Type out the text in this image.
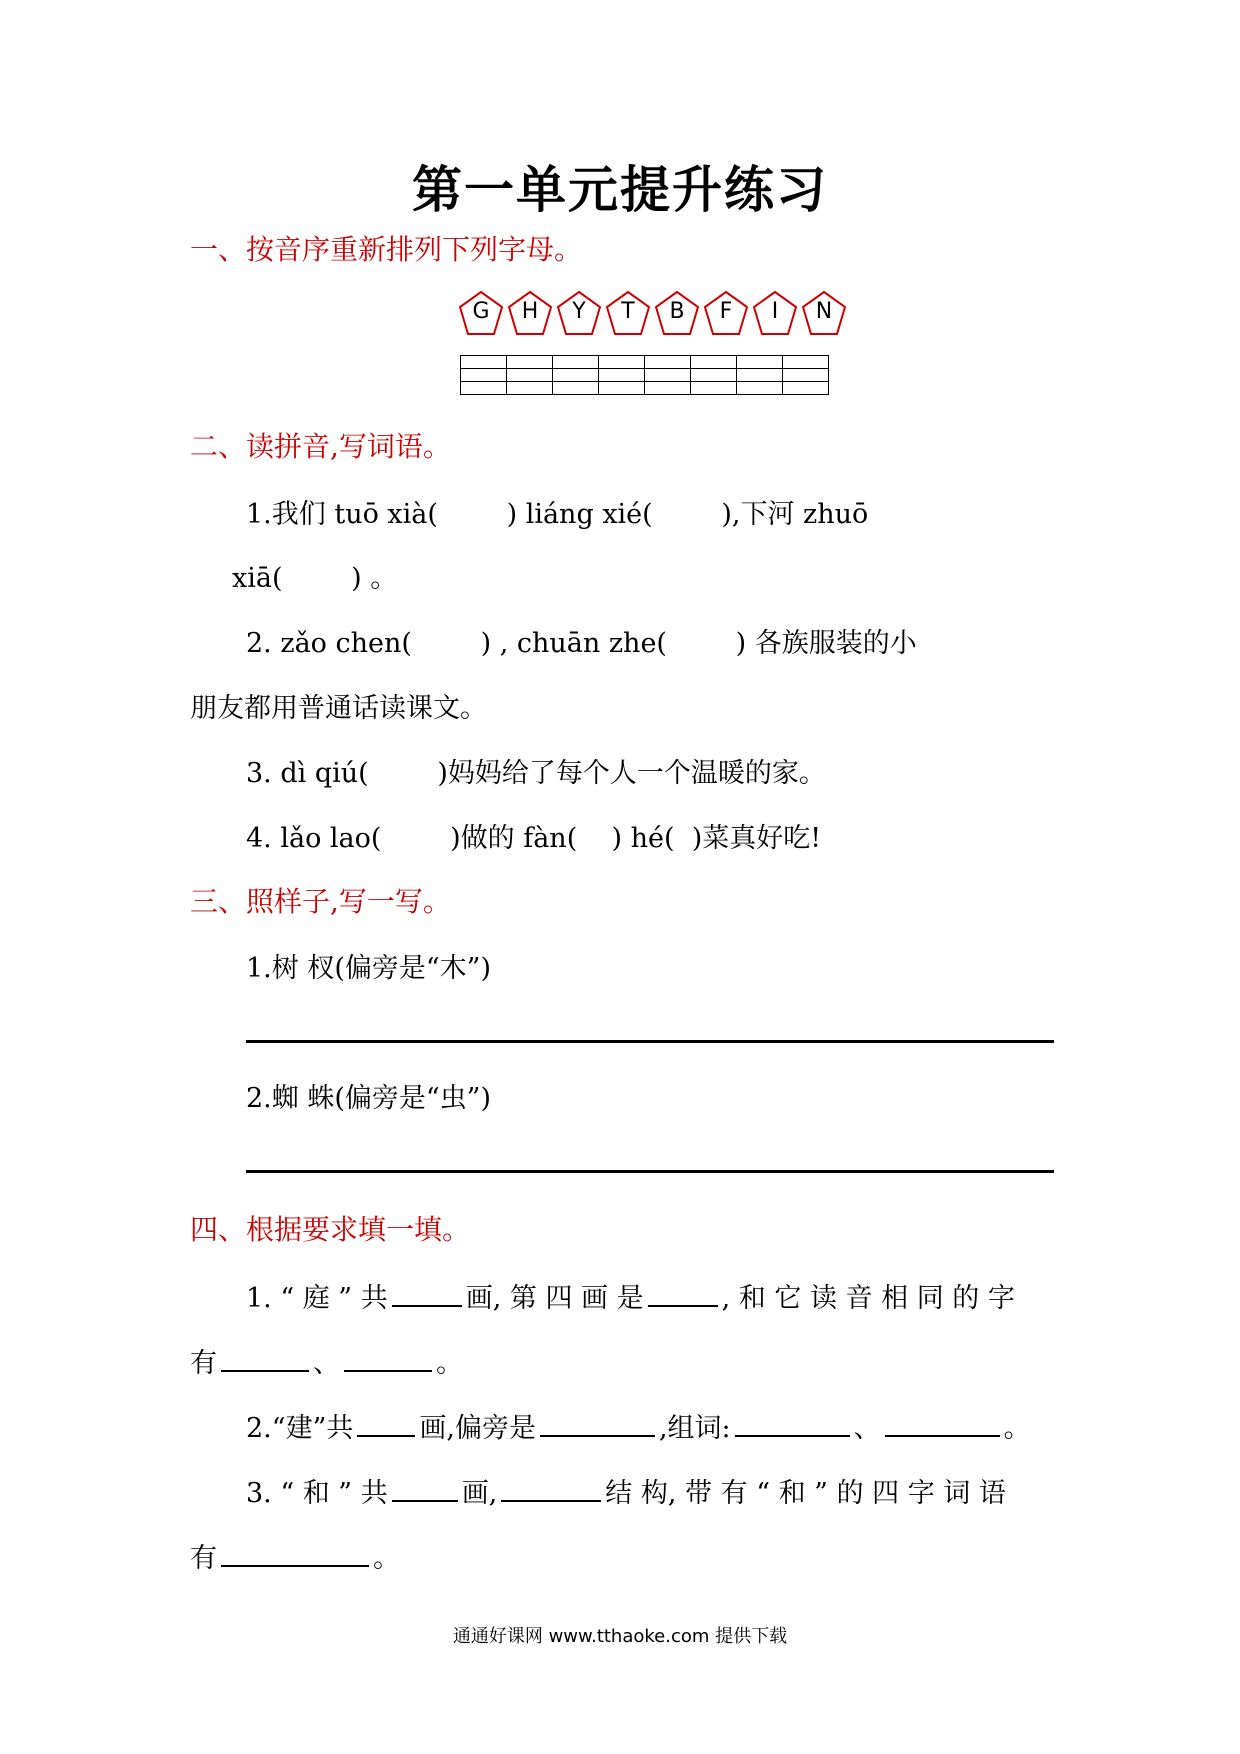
第一单元提升练习
一、按音序重新排列下列字母。
G	H	Y	T	B	F	I	N

二、读拼音,写词语。
1.我们 tuō xià(        ) liáng xié(        ),下河 zhuō
xiā(        ) 。
2. zǎo chen(        ) , chuān zhe(        ) 各族服装的小
朋友都用普通话读课文。
3. dì qiú(        )妈妈给了每个人一个温暖的家。
4. lǎo lao(        )做的 fàn(    ) hé(  )菜真好吃!
三、照样子,写一写。
1.树 杈(偏旁是“木”)
2.蜘 蛛(偏旁是“虫”)
四、根据要求填一填。
1. “ 庭 ” 共	画, 第 四 画 是	, 和 它 读 音 相 同 的 字
有	、	。
2.“建”共 画,偏旁是	,组词:	、	。
3. “ 和 ” 共	画,	结 构, 带 有 “ 和 ” 的 四 字 词 语
有	。
通通好课网 www.tthaoke.com 提供下载
